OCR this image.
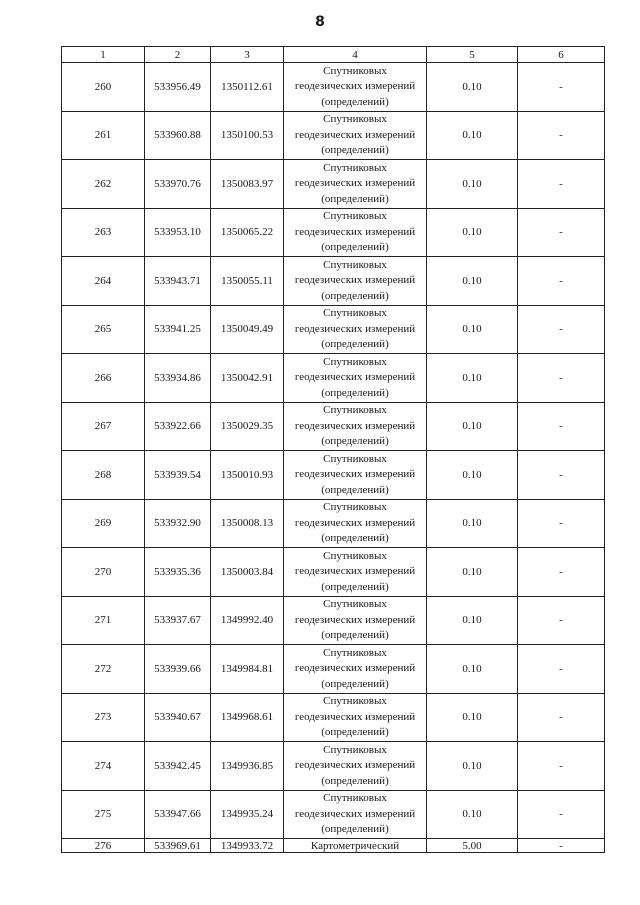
8
1	2	3	4	5	6
260	533956.49	1350112.61	Спутниковых
геодезических измерений
(определений)	0.10	-
261	533960.88	1350100.53	Спутниковых
геодезических измерений
(определений)	0.10	-
262	533970.76	1350083.97	Спутниковых
геодезических измерений
(определений)	0.10	-
263	533953.10	1350065.22	Спутниковых
геодезических измерений
(определений)	0.10	-
264	533943.71	1350055.11	Спутниковых
геодезических измерений
(определений)	0.10	-
265	533941.25	1350049.49	Спутниковых
геодезических измерений
(определений)	0.10	-
266	533934.86	1350042.91	Спутниковых
геодезических измерений
(определений)	0.10	-
267	533922.66	1350029.35	Спутниковых
геодезических измерений
(определений)	0.10	-
268	533939.54	1350010.93	Спутниковых
геодезических измерений
(определений)	0.10	-
269	533932.90	1350008.13	Спутниковых
геодезических измерений
(определений)	0.10	-
270	533935.36	1350003.84	Спутниковых
геодезических измерений
(определений)	0.10	-
271	533937.67	1349992.40	Спутниковых
геодезических измерений
(определений)	0.10	-
272	533939.66	1349984.81	Спутниковых
геодезических измерений
(определений)	0.10	-
273	533940.67	1349968.61	Спутниковых
геодезических измерений
(определений)	0.10	-
274	533942.45	1349936.85	Спутниковых
геодезических измерений
(определений)	0.10	-
275	533947.66	1349935.24	Спутниковых
геодезических измерений
(определений)	0.10	-
276	533969.61	1349933.72	Картометрический	5.00	-
